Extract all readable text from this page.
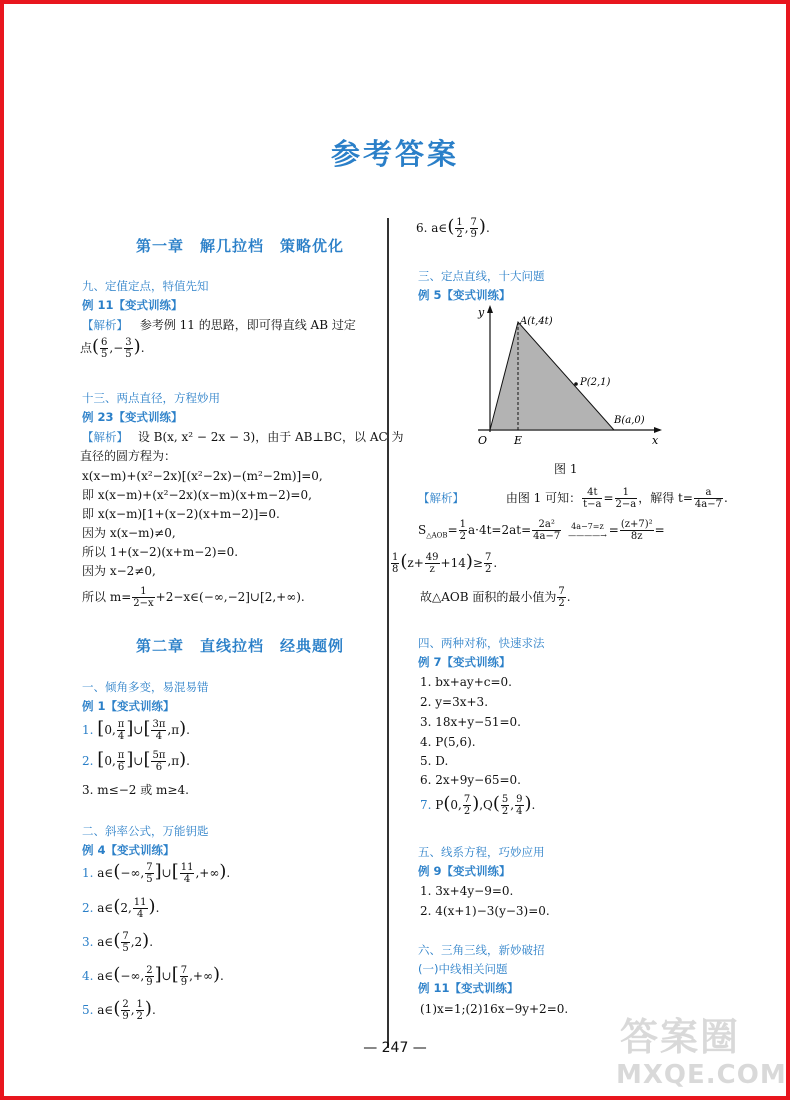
参考答案
第一章　解几拉档　策略优化
九、定值定点，特值先知
例 11【变式训练】
【解析】 参考例 11 的思路，即可得直线 AB 过定
点( $\frac{6}{5}$ ,− $\frac{3}{5}$ ).
十三、两点直径，方程妙用
例 23【变式训练】
【解析】 设 B(x, x² − 2x − 3)，由于 AB⊥BC，以 AC 为
直径的圆方程为：
x(x−m)+(x²−2x)[(x²−2x)−(m²−2m)]=0,
即 x(x−m)+(x²−2x)(x−m)(x+m−2)=0,
即 x(x−m)[1+(x−2)(x+m−2)]=0.
因为 x(x−m)≠0,
所以 1+(x−2)(x+m−2)=0.
因为 x−2≠0,
所以 $m= \frac{1}{2-x}$ +2−x∈(−∞,−2]∪[2,+∞).
第二章　直线拉档　经典题例
一、倾角多变，易混易错
例 1【变式训练】
1. [0, $\frac{\pi}{4}$ ]∪[ $\frac{3\pi}{4} ,\pi$).
2. [0, $\frac{\pi}{6}$ ]∪[ $\frac{5\pi}{6} ,\pi$).
3. m≤−2 或 m≥4.
二、斜率公式，万能钥匙
例 4【变式训练】
1. a∈(−∞, $\frac{7}{5}$ ]∪[ $\frac{11}{4}$ ,+∞).
2. a∈(2, $\frac{11}{4}$ ).
3. a∈( $\frac{7}{5} ,2$).
4. a∈(−∞, $\frac{2}{9}$ ]∪[ $\frac{7}{9}$ ,+∞).
5. a∈( $\frac{2}{9}$ , $\frac{1}{2}$ ).
6. a∈( $\frac{1}{2}$ , $\frac{7}{9}$ ).
三、定点直线，十大问题
例 5【变式训练】
y
x
O E
A(t,4t)
P(2,1)
B(a,0)
图 1
【解析】	由图 1 可知： $\frac{4t}{t-a} = \frac{1}{2-a}$ ，解得 $t= \frac{a}{4a-7}$ .
$S_{\triangle AOB}= \frac{1}{2} a\cdot 4t=2at= \frac{\text{2a²}}{4a-7} 4a-7=z$
————→ = $\frac{\text{(z+7)²}}{8z}$ =
$\frac{1}{8} (z+ \frac{49}{z} +14)\ge \frac{7}{2}$ .
故△AOB 面积的最小值为 $\frac{7}{2}$ .
四、两种对称，快速求法
例 7【变式训练】
1. bx+ay+c=0.
2. y=3x+3.
3. 18x+y−51=0.
4. P(5,6).
5. D.
6. 2x+9y−65=0.
7. P(0, $\frac{7}{2} ),Q( \frac{5}{2}$ , $\frac{9}{4}$ ).
五、线系方程，巧妙应用
例 9【变式训练】
1. 3x+4y−9=0.
2. 4(x+1)−3(y−3)=0.
六、三角三线，新妙破招
(一)中线相关问题
例 11【变式训练】
(1)x=1;(2)16x−9y+2=0.
— 247 —	答案圈
MXQE.COM
